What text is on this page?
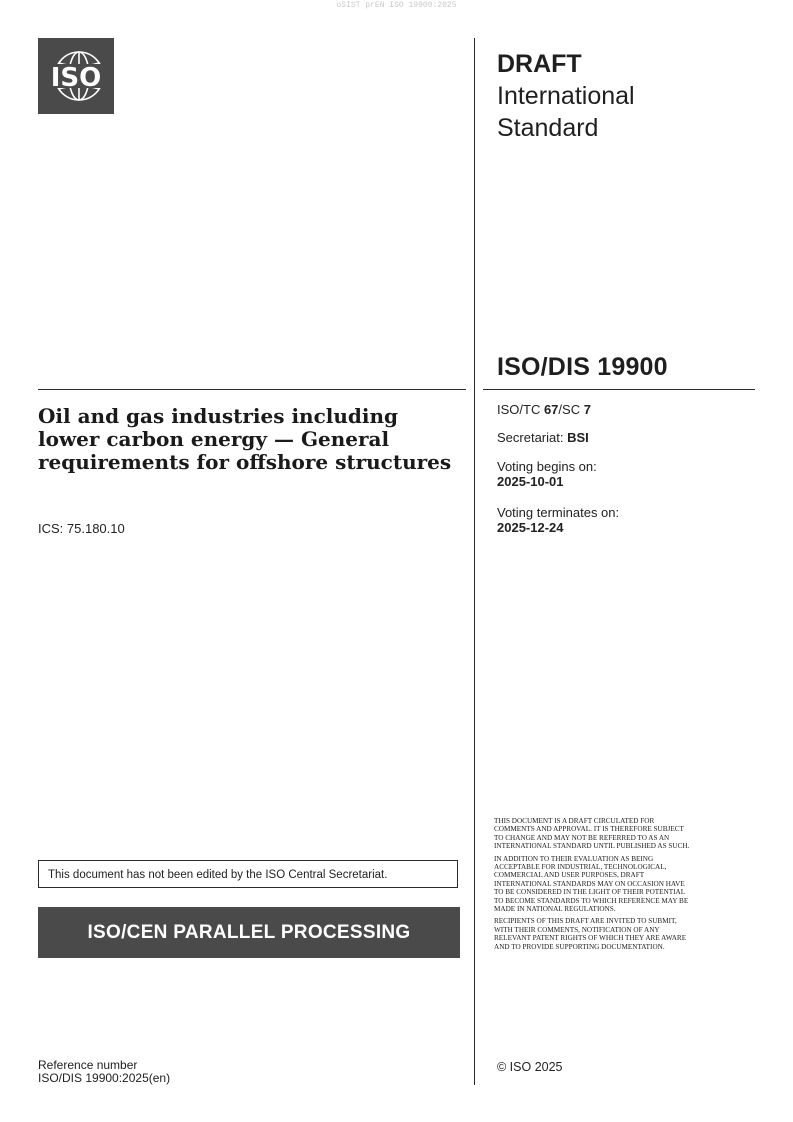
oSIST prEN ISO 19900:2025
ISO	DRAFT
International
Standard
ISO/DIS 19900
Oil and gas industries including lower carbon energy — General requirements for offshore structures
ICS: 75.180.10
ISO/TC 67/SC 7
Secretariat: BSI
Voting begins on:
2025-10-01
Voting terminates on:
2025-12-24

THIS DOCUMENT IS A DRAFT CIRCULATED FOR COMMENTS AND APPROVAL. IT IS THEREFORE SUBJECT TO CHANGE AND MAY NOT BE REFERRED TO AS AN INTERNATIONAL STANDARD UNTIL PUBLISHED AS SUCH.

IN ADDITION TO THEIR EVALUATION AS BEING ACCEPTABLE FOR INDUSTRIAL, TECHNOLOGICAL, COMMERCIAL AND USER PURPOSES, DRAFT INTERNATIONAL STANDARDS MAY ON OCCASION HAVE TO BE CONSIDERED IN THE LIGHT OF THEIR POTENTIAL TO BECOME STANDARDS TO WHICH REFERENCE MAY BE MADE IN NATIONAL REGULATIONS.

RECIPIENTS OF THIS DRAFT ARE INVITED TO SUBMIT, WITH THEIR COMMENTS, NOTIFICATION OF ANY RELEVANT PATENT RIGHTS OF WHICH THEY ARE AWARE AND TO PROVIDE SUPPORTING DOCUMENTATION.

This document has not been edited by the ISO Central Secretariat.
ISO/CEN PARALLEL PROCESSING
Reference number
ISO/DIS 19900:2025(en)
© ISO 2025
